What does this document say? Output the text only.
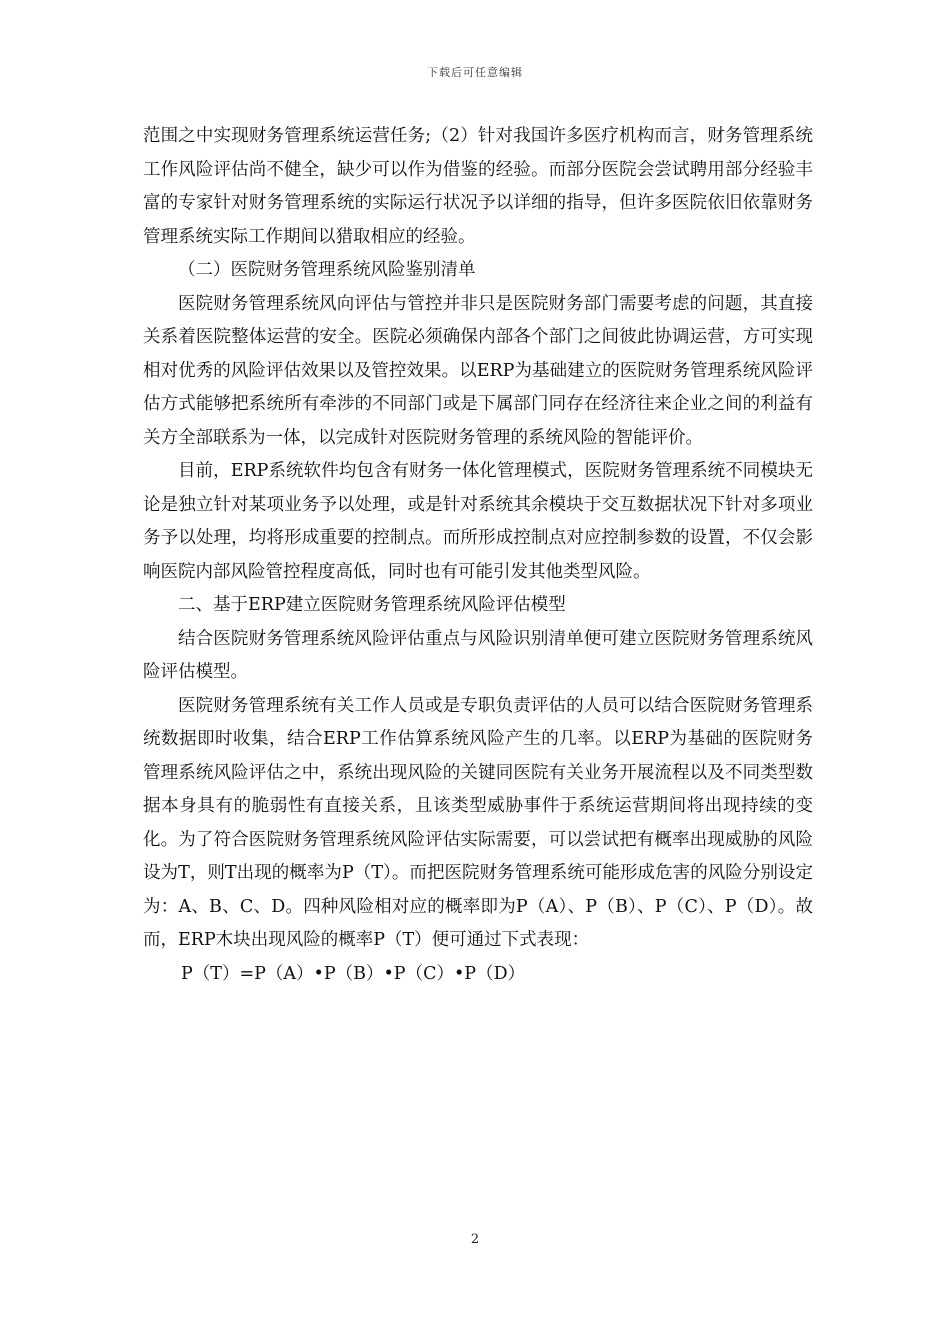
下载后可任意编辑

范围之中实现财务管理系统运营任务;（2）针对我国许多医疗机构而言，财务管理系统工作风险评估尚不健全，缺少可以作为借鉴的经验。而部分医院会尝试聘用部分经验丰富的专家针对财务管理系统的实际运行状况予以详细的指导，但许多医院依旧依靠财务管理系统实际工作期间以猎取相应的经验。

（二）医院财务管理系统风险鉴别清单

医院财务管理系统风向评估与管控并非只是医院财务部门需要考虑的问题，其直接关系着医院整体运营的安全。医院必须确保内部各个部门之间彼此协调运营，方可实现相对优秀的风险评估效果以及管控效果。以ERP为基础建立的医院财务管理系统风险评估方式能够把系统所有牵涉的不同部门或是下属部门同存在经济往来企业之间的利益有关方全部联系为一体，以完成针对医院财务管理的系统风险的智能评价。

目前，ERP系统软件均包含有财务一体化管理模式，医院财务管理系统不同模块无论是独立针对某项业务予以处理，或是针对系统其余模块于交互数据状况下针对多项业务予以处理，均将形成重要的控制点。而所形成控制点对应控制参数的设置，不仅会影响医院内部风险管控程度高低，同时也有可能引发其他类型风险。

二、基于ERP建立医院财务管理系统风险评估模型

结合医院财务管理系统风险评估重点与风险识别清单便可建立医院财务管理系统风险评估模型。

医院财务管理系统有关工作人员或是专职负责评估的人员可以结合医院财务管理系统数据即时收集，结合ERP工作估算系统风险产生的几率。以ERP为基础的医院财务管理系统风险评估之中，系统出现风险的关键同医院有关业务开展流程以及不同类型数据本身具有的脆弱性有直接关系，且该类型威胁事件于系统运营期间将出现持续的变化。为了符合医院财务管理系统风险评估实际需要，可以尝试把有概率出现威胁的风险设为T，则T出现的概率为P（T）。而把医院财务管理系统可能形成危害的风险分别设定为：A、B、C、D。四种风险相对应的概率即为P（A）、P（B）、P（C）、P（D）。故而，ERP木块出现风险的概率P（T）便可通过下式表现：

P（T）=P（A）•P（B）•P（C）•P（D）

2
